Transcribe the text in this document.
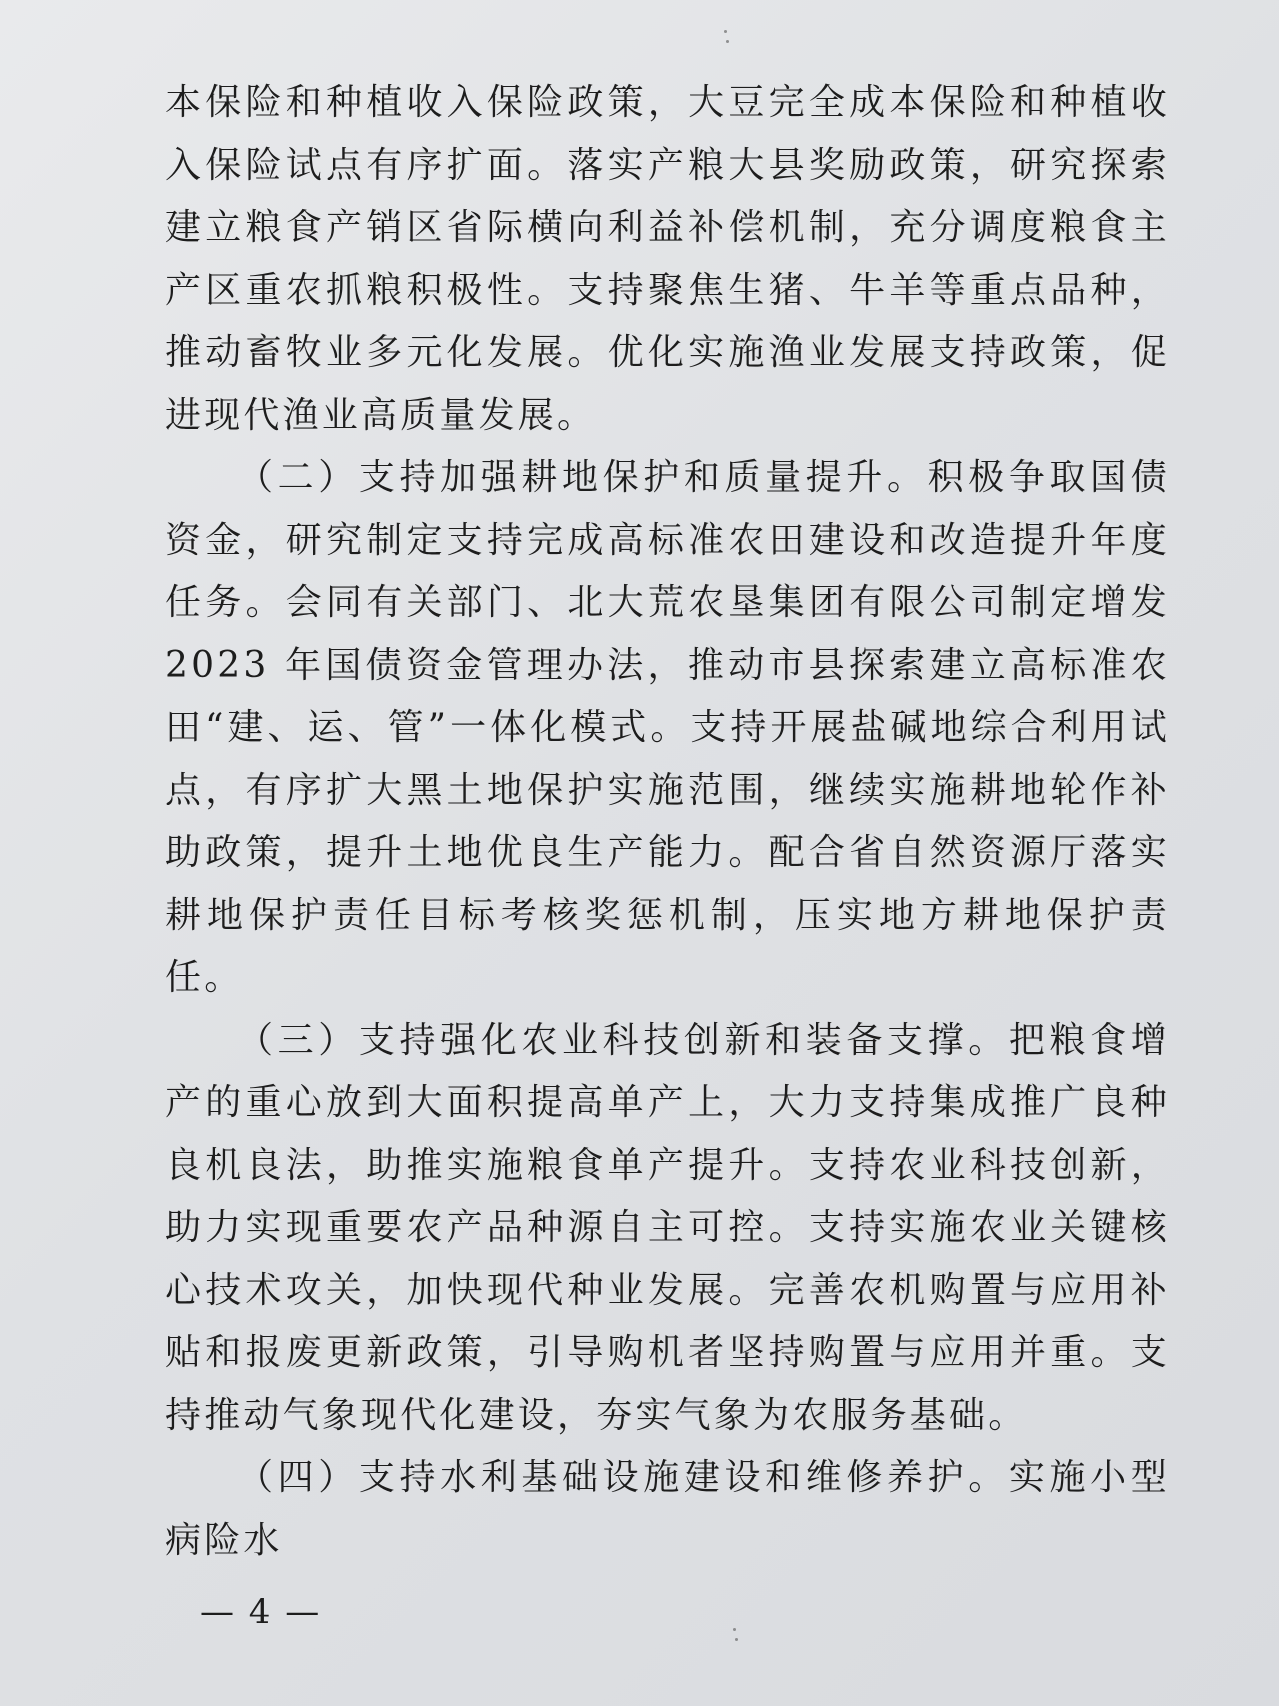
本保险和种植收入保险政策，大豆完全成本保险和种植收入保险试点有序扩面。落实产粮大县奖励政策，研究探索建立粮食产销区省际横向利益补偿机制，充分调度粮食主产区重农抓粮积极性。支持聚焦生猪、牛羊等重点品种，推动畜牧业多元化发展。优化实施渔业发展支持政策，促进现代渔业高质量发展。

（二）支持加强耕地保护和质量提升。积极争取国债资金，研究制定支持完成高标准农田建设和改造提升年度任务。会同有关部门、北大荒农垦集团有限公司制定增发 2023 年国债资金管理办法，推动市县探索建立高标准农田“建、运、管”一体化模式。支持开展盐碱地综合利用试点，有序扩大黑土地保护实施范围，继续实施耕地轮作补助政策，提升土地优良生产能力。配合省自然资源厅落实耕地保护责任目标考核奖惩机制，压实地方耕地保护责任。

（三）支持强化农业科技创新和装备支撑。把粮食增产的重心放到大面积提高单产上，大力支持集成推广良种良机良法，助推实施粮食单产提升。支持农业科技创新，助力实现重要农产品种源自主可控。支持实施农业关键核心技术攻关，加快现代种业发展。完善农机购置与应用补贴和报废更新政策，引导购机者坚持购置与应用并重。支持推动气象现代化建设，夯实气象为农服务基础。

（四）支持水利基础设施建设和维修养护。实施小型病险水

— 4 —
